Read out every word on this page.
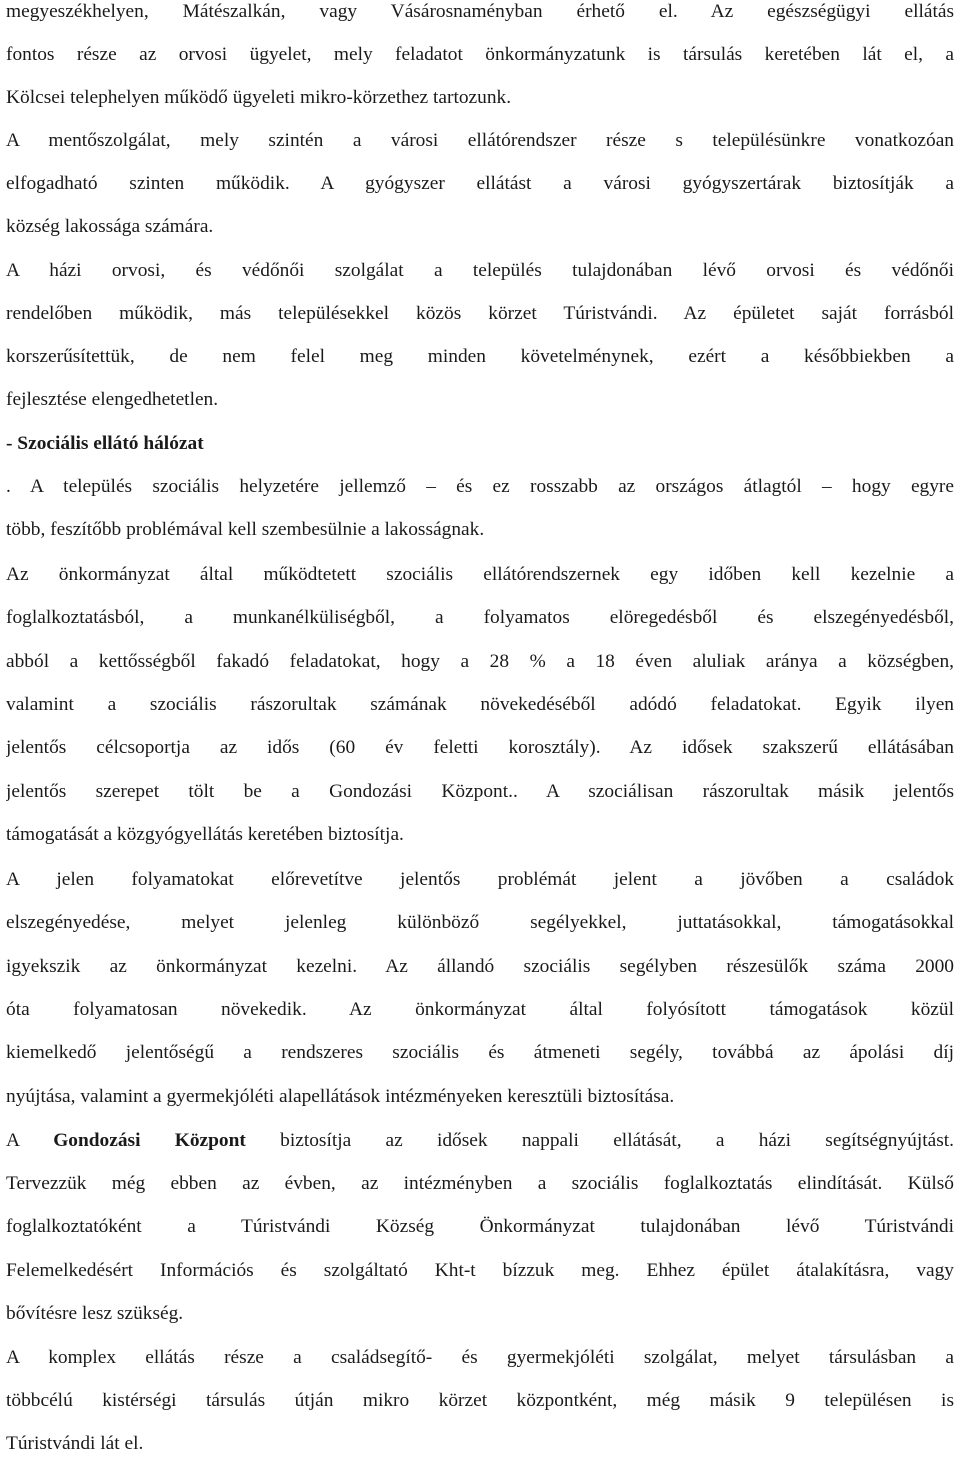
megyeszékhelyen, Mátészalkán, vagy Vásárosnaményban érhető el. Az egészségügyi ellátás
fontos része az orvosi ügyelet, mely feladatot önkormányzatunk is társulás keretében lát el, a
Kölcsei telephelyen működő ügyeleti mikro-körzethez tartozunk.
A mentőszolgálat, mely szintén a városi ellátórendszer része s településünkre vonatkozóan
elfogadható szinten működik. A gyógyszer ellátást a városi gyógyszertárak biztosítják a
község lakossága számára.
A házi orvosi, és védőnői szolgálat a település tulajdonában lévő orvosi és védőnői
rendelőben működik, más településekkel közös körzet Túristvándi. Az épületet saját forrásból
korszerűsítettük, de nem felel meg minden követelménynek, ezért a későbbiekben a
fejlesztése elengedhetetlen.
- Szociális ellátó hálózat
. A település szociális helyzetére jellemző – és ez rosszabb az országos átlagtól – hogy egyre
több, feszítőbb problémával kell szembesülnie a lakosságnak.
Az önkormányzat által működtetett szociális ellátórendszernek egy időben kell kezelnie a
foglalkoztatásból, a munkanélküliségből, a folyamatos elöregedésből és elszegényedésből,
abból a kettősségből fakadó feladatokat, hogy a 28 % a 18 éven aluliak aránya a községben,
valamint a szociális rászorultak számának növekedéséből adódó feladatokat. Egyik ilyen
jelentős célcsoportja az idős (60 év feletti korosztály). Az idősek szakszerű ellátásában
jelentős szerepet tölt be a Gondozási Központ.. A szociálisan rászorultak másik jelentős
támogatását a közgyógyellátás keretében biztosítja.
A jelen folyamatokat előrevetítve jelentős problémát jelent a jövőben a családok
elszegényedése, melyet jelenleg különböző segélyekkel, juttatásokkal, támogatásokkal
igyekszik az önkormányzat kezelni. Az állandó szociális segélyben részesülők száma 2000
óta folyamatosan növekedik. Az önkormányzat által folyósított támogatások közül
kiemelkedő jelentőségű a rendszeres szociális és átmeneti segély, továbbá az ápolási díj
nyújtása, valamint a gyermekjóléti alapellátások intézményeken keresztüli biztosítása.
A Gondozási Központ biztosítja az idősek nappali ellátását, a házi segítségnyújtást.
Tervezzük még ebben az évben, az intézményben a szociális foglalkoztatás elindítását. Külső
foglalkoztatóként a Túristvándi Község Önkormányzat tulajdonában lévő Túristvándi
Felemelkedésért Információs és szolgáltató Kht-t bízzuk meg. Ehhez épület átalakításra, vagy
bővítésre lesz szükség.
A komplex ellátás része a családsegítő- és gyermekjóléti szolgálat, melyet társulásban a
többcélú kistérségi társulás útján mikro körzet központként, még másik 9 településen is
Túristvándi lát el.
